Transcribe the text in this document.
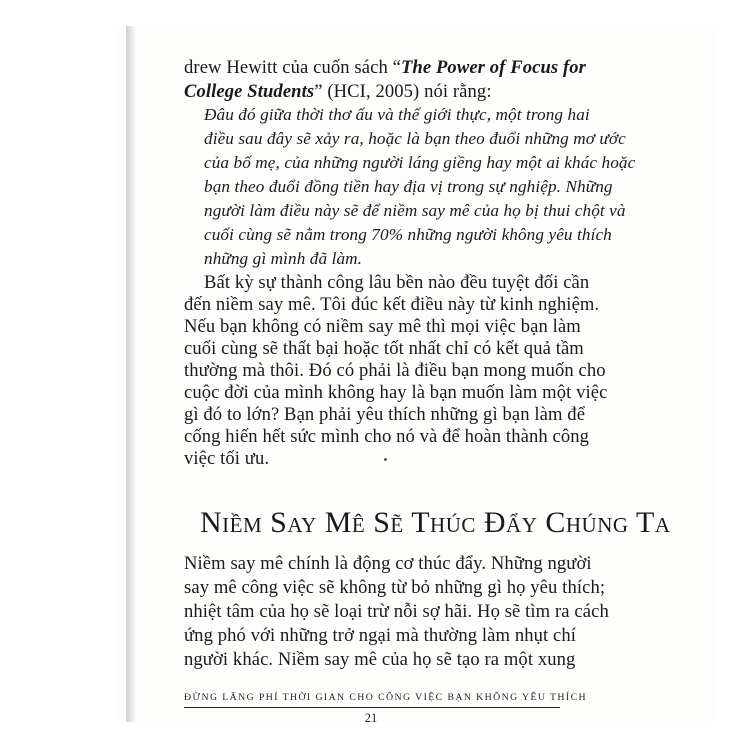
drew Hewitt của cuốn sách “The Power of Focus for
College Students” (HCI, 2005) nói rằng:
Đâu đó giữa thời thơ ấu và thế giới thực, một trong hai
điều sau đây sẽ xảy ra, hoặc là bạn theo đuổi những mơ ước
của bố mẹ, của những người láng giềng hay một ai khác hoặc
bạn theo đuổi đồng tiền hay địa vị trong sự nghiệp. Những
người làm điều này sẽ để niềm say mê của họ bị thui chột và
cuối cùng sẽ nằm trong 70% những người không yêu thích
những gì mình đã làm.
Bất kỳ sự thành công lâu bền nào đều tuyệt đối cần
đến niềm say mê. Tôi đúc kết điều này từ kinh nghiệm.
Nếu bạn không có niềm say mê thì mọi việc bạn làm
cuối cùng sẽ thất bại hoặc tốt nhất chỉ có kết quả tầm
thường mà thôi. Đó có phải là điều bạn mong muốn cho
cuộc đời của mình không hay là bạn muốn làm một việc
gì đó to lớn? Bạn phải yêu thích những gì bạn làm để
cống hiến hết sức mình cho nó và để hoàn thành công
việc tối ưu.
Niềm Say Mê Sẽ Thúc Đẩy Chúng Ta
Niềm say mê chính là động cơ thúc đẩy. Những người
say mê công việc sẽ không từ bỏ những gì họ yêu thích;
nhiệt tâm của họ sẽ loại trừ nỗi sợ hãi. Họ sẽ tìm ra cách
ứng phó với những trở ngại mà thường làm nhụt chí
người khác. Niềm say mê của họ sẽ tạo ra một xung
ĐỪNG LÃNG PHÍ THỜI GIAN CHO CÔNG VIỆC BẠN KHÔNG YÊU THÍCH
21
